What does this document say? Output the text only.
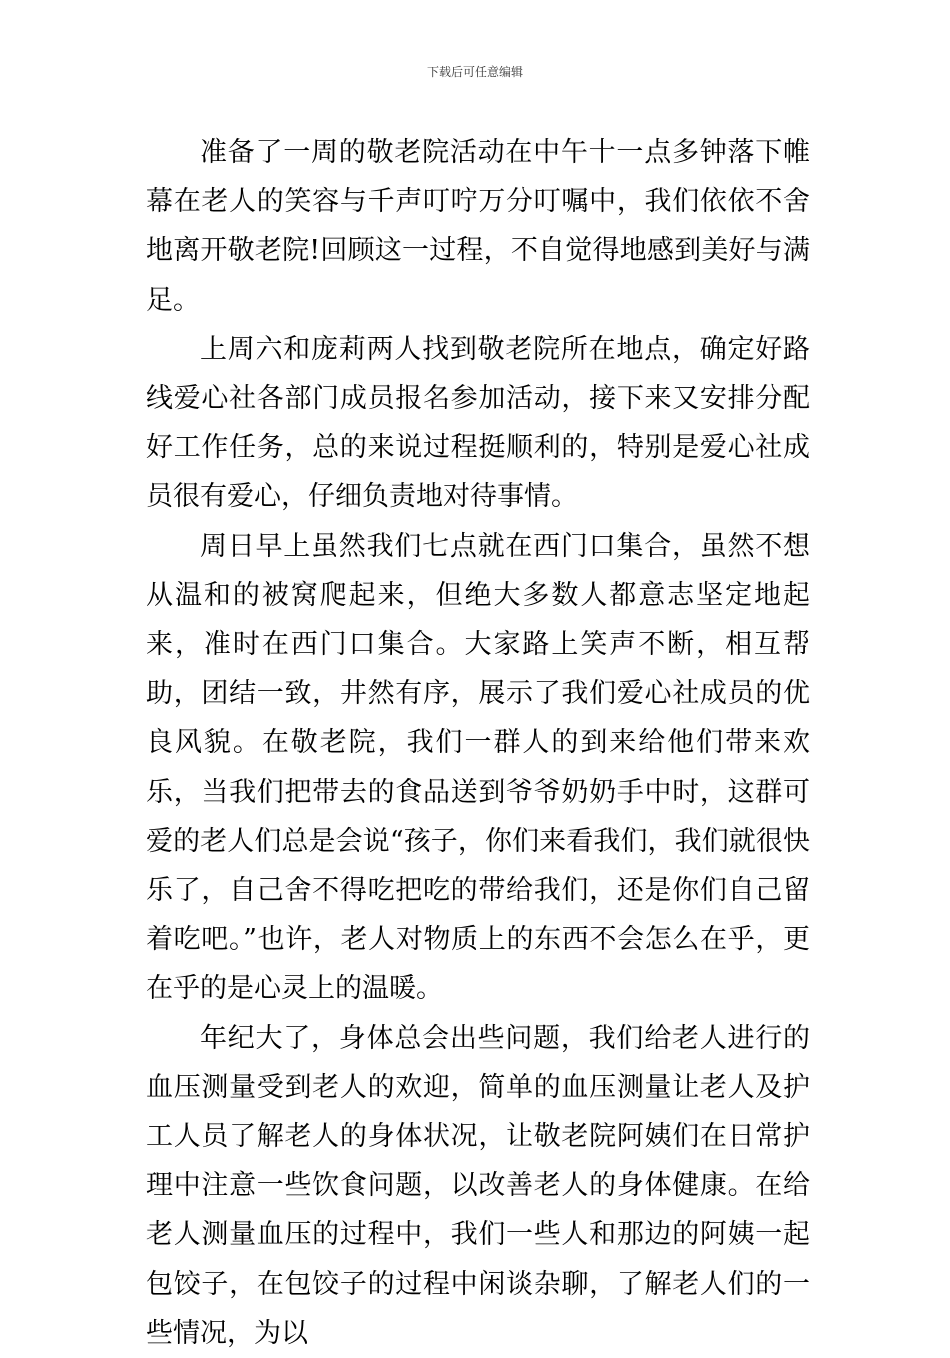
下载后可任意编辑

准备了一周的敬老院活动在中午十一点多钟落下帷幕在老人的笑容与千声叮咛万分叮嘱中，我们依依不舍地离开敬老院!回顾这一过程，不自觉得地感到美好与满足。

上周六和庞莉两人找到敬老院所在地点，确定好路线爱心社各部门成员报名参加活动，接下来又安排分配好工作任务，总的来说过程挺顺利的，特别是爱心社成员很有爱心，仔细负责地对待事情。

周日早上虽然我们七点就在西门口集合，虽然不想从温和的被窝爬起来，但绝大多数人都意志坚定地起来，准时在西门口集合。大家路上笑声不断，相互帮助，团结一致，井然有序，展示了我们爱心社成员的优良风貌。在敬老院，我们一群人的到来给他们带来欢乐，当我们把带去的食品送到爷爷奶奶手中时，这群可爱的老人们总是会说“孩子，你们来看我们，我们就很快乐了，自己舍不得吃把吃的带给我们，还是你们自己留着吃吧。”也许，老人对物质上的东西不会怎么在乎，更在乎的是心灵上的温暖。

年纪大了，身体总会出些问题，我们给老人进行的血压测量受到老人的欢迎，简单的血压测量让老人及护工人员了解老人的身体状况，让敬老院阿姨们在日常护理中注意一些饮食问题，以改善老人的身体健康。在给老人测量血压的过程中，我们一些人和那边的阿姨一起包饺子，在包饺子的过程中闲谈杂聊，了解老人们的一些情况，为以
